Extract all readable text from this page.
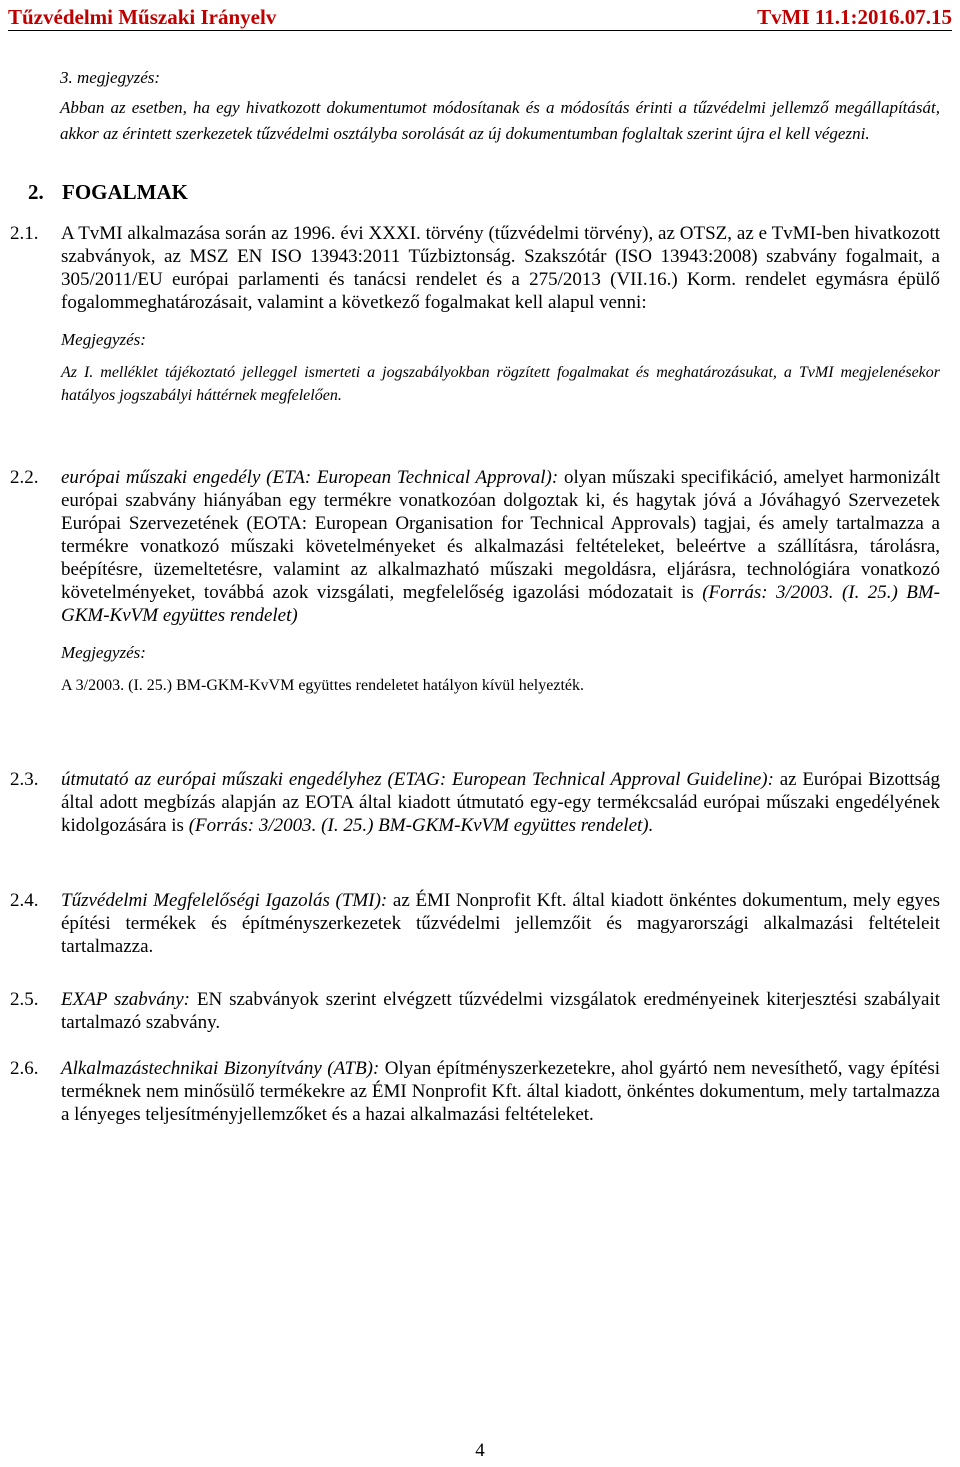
Tűzvédelmi Műszaki Irányelv	TvMI 11.1:2016.07.15
3. megjegyzés:

Abban az esetben, ha egy hivatkozott dokumentumot módosítanak és a módosítás érinti a tűzvédelmi jellemző megállapítását, akkor az érintett szerkezetek tűzvédelmi osztályba sorolását az új dokumentumban foglaltak szerint újra el kell végezni.

2. FOGALMAK
2.1. A TvMI alkalmazása során az 1996. évi XXXI. törvény (tűzvédelmi törvény), az OTSZ, az e TvMI-ben hivatkozott szabványok, az MSZ EN ISO 13943:2011 Tűzbiztonság. Szakszótár (ISO 13943:2008) szabvány fogalmait, a 305/2011/EU európai parlamenti és tanácsi rendelet és a 275/2013 (VII.16.) Korm. rendelet egymásra épülő fogalommeghatározásait, valamint a következő fogalmakat kell alapul venni:

Megjegyzés:

Az I. melléklet tájékoztató jelleggel ismerteti a jogszabályokban rögzített fogalmakat és meghatározásukat, a TvMI megjelenésekor hatályos jogszabályi háttérnek megfelelően.

2.2. európai műszaki engedély (ETA: European Technical Approval): olyan műszaki specifikáció, amelyet harmonizált európai szabvány hiányában egy termékre vonatkozóan dolgoztak ki, és hagytak jóvá a Jóváhagyó Szervezetek Európai Szervezetének (EOTA: European Organisation for Technical Approvals) tagjai, és amely tartalmazza a termékre vonatkozó műszaki követelményeket és alkalmazási feltételeket, beleértve a szállításra, tárolásra, beépítésre, üzemeltetésre, valamint az alkalmazható műszaki megoldásra, eljárásra, technológiára vonatkozó követelményeket, továbbá azok vizsgálati, megfelelőség igazolási módozatait is (Forrás: 3/2003. (I. 25.) BM-GKM-KvVM együttes rendelet)

Megjegyzés:

A 3/2003. (I. 25.) BM-GKM-KvVM együttes rendeletet hatályon kívül helyezték.

2.3. útmutató az európai műszaki engedélyhez (ETAG: European Technical Approval Guideline): az Európai Bizottság által adott megbízás alapján az EOTA által kiadott útmutató egy-egy termékcsalád európai műszaki engedélyének kidolgozására is (Forrás: 3/2003. (I. 25.) BM-GKM-KvVM együttes rendelet).

2.4. Tűzvédelmi Megfelelőségi Igazolás (TMI): az ÉMI Nonprofit Kft. által kiadott önkéntes dokumentum, mely egyes építési termékek és építményszerkezetek tűzvédelmi jellemzőit és magyarországi alkalmazási feltételeit tartalmazza.

2.5. EXAP szabvány: EN szabványok szerint elvégzett tűzvédelmi vizsgálatok eredményeinek kiterjesztési szabályait tartalmazó szabvány.

2.6. Alkalmazástechnikai Bizonyítvány (ATB): Olyan építményszerkezetekre, ahol gyártó nem nevesíthető, vagy építési terméknek nem minősülő termékekre az ÉMI Nonprofit Kft. által kiadott, önkéntes dokumentum, mely tartalmazza a lényeges teljesítményjellemzőket és a hazai alkalmazási feltételeket.

4
